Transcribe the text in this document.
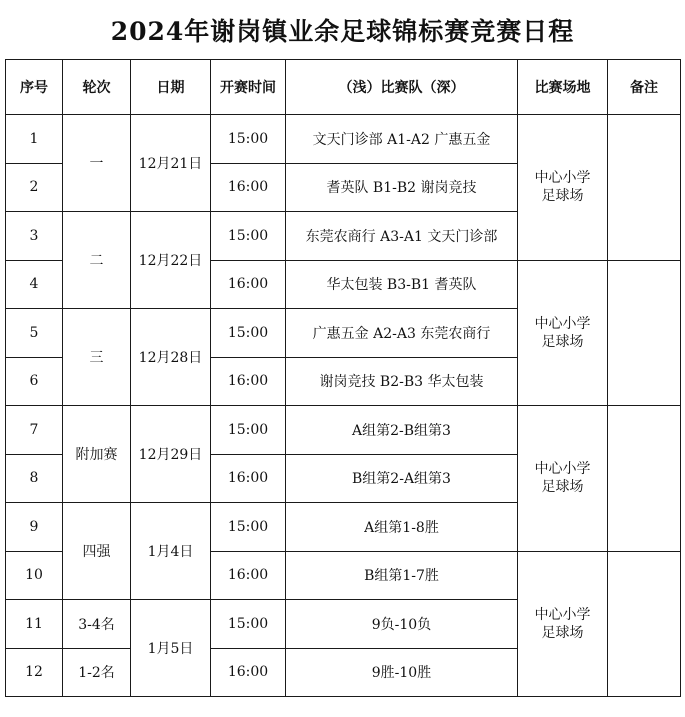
2024年谢岗镇业余足球锦标赛竞赛日程
序号	轮次	日期	开赛时间	（浅）比赛队（深）	比赛场地	备注
1	一	12月21日	15:00	文天门诊部 A1-A2 广惠五金	中心小学
足球场	
2			16:00	耆英队 B1-B2 谢岗竞技		
3	二	12月22日	15:00	东莞农商行 A3-A1 文天门诊部		
4			16:00	华太包装 B3-B1 耆英队	中心小学
足球场	
5	三	12月28日	15:00	广惠五金 A2-A3 东莞农商行		
6			16:00	谢岗竞技 B2-B3 华太包装		
7	附加赛	12月29日	15:00	A组第2-B组第3	中心小学
足球场	
8			16:00	B组第2-A组第3		
9	四强	1月4日	15:00	A组第1-8胜		
10			16:00	B组第1-7胜	中心小学
足球场	
11	3-4名	1月5日	15:00	9负-10负		
12	1-2名		16:00	9胜-10胜		
